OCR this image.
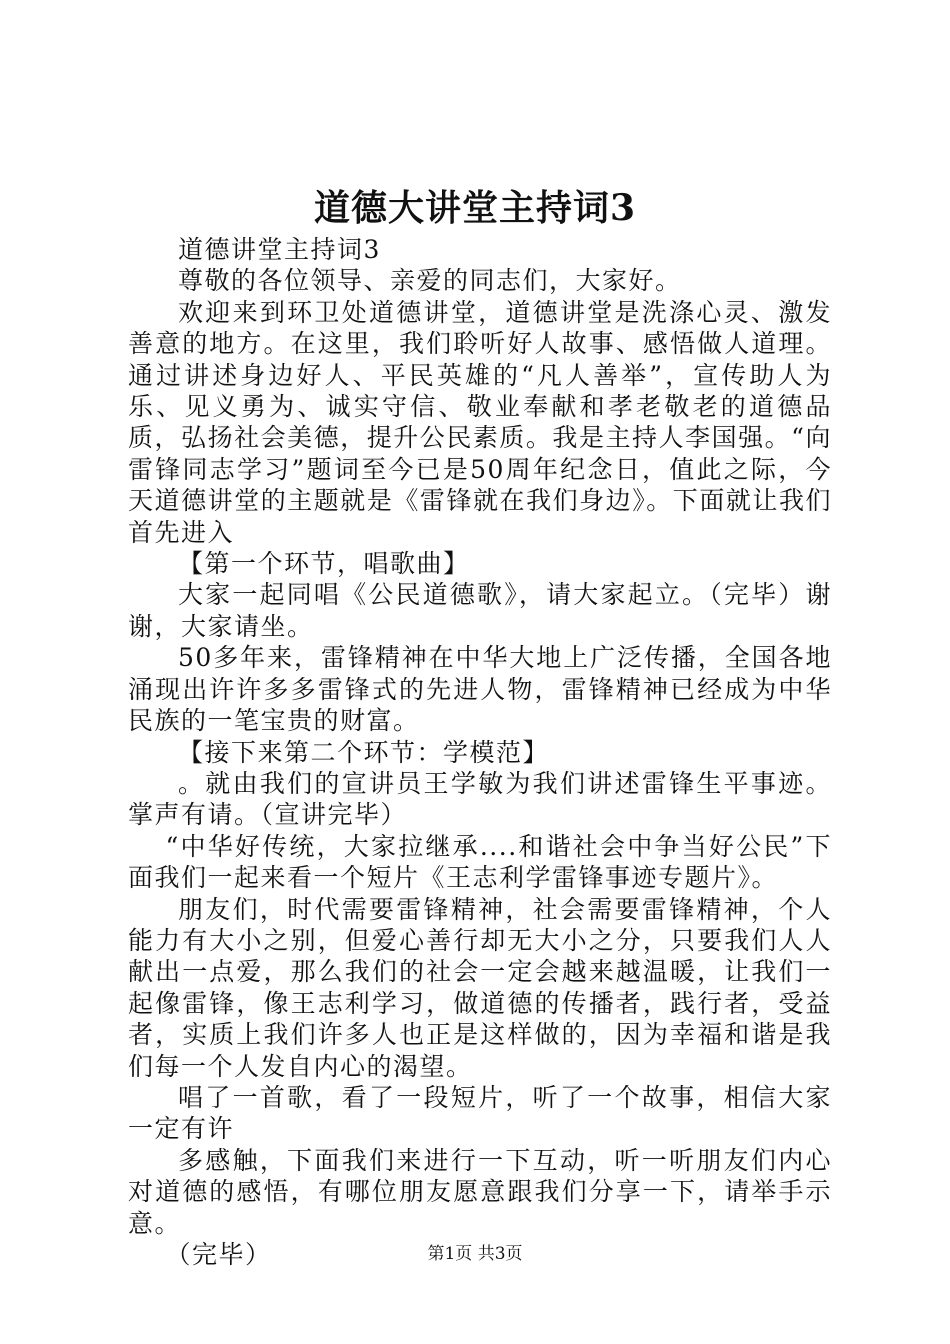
道德大讲堂主持词3

道德讲堂主持词3

尊敬的各位领导、亲爱的同志们，大家好。

欢迎来到环卫处道德讲堂，道德讲堂是洗涤心灵、激发善意的地方。在这里，我们聆听好人故事、感悟做人道理。通过讲述身边好人、平民英雄的“凡人善举”，宣传助人为乐、见义勇为、诚实守信、敬业奉献和孝老敬老的道德品质，弘扬社会美德，提升公民素质。我是主持人李国强。“向雷锋同志学习”题词至今已是50周年纪念日，值此之际，今天道德讲堂的主题就是《雷锋就在我们身边》。下面就让我们首先进入

【第一个环节，唱歌曲】

大家一起同唱《公民道德歌》，请大家起立。（完毕）谢谢，大家请坐。

50多年来，雷锋精神在中华大地上广泛传播，全国各地涌现出许许多多雷锋式的先进人物，雷锋精神已经成为中华民族的一笔宝贵的财富。

【接下来第二个环节：学模范】

。就由我们的宣讲员王学敏为我们讲述雷锋生平事迹。掌声有请。（宣讲完毕）

“中华好传统，大家拉继承....和谐社会中争当好公民”下面我们一起来看一个短片《王志利学雷锋事迹专题片》。

朋友们，时代需要雷锋精神，社会需要雷锋精神，个人能力有大小之别，但爱心善行却无大小之分，只要我们人人献出一点爱，那么我们的社会一定会越来越温暖，让我们一起像雷锋，像王志利学习，做道德的传播者，践行者，受益者，实质上我们许多人也正是这样做的，因为幸福和谐是我们每一个人发自内心的渴望。

唱了一首歌，看了一段短片，听了一个故事，相信大家一定有许

多感触，下面我们来进行一下互动，听一听朋友们内心对道德的感悟，有哪位朋友愿意跟我们分享一下，请举手示意。

（完毕）	第1页 共3页
